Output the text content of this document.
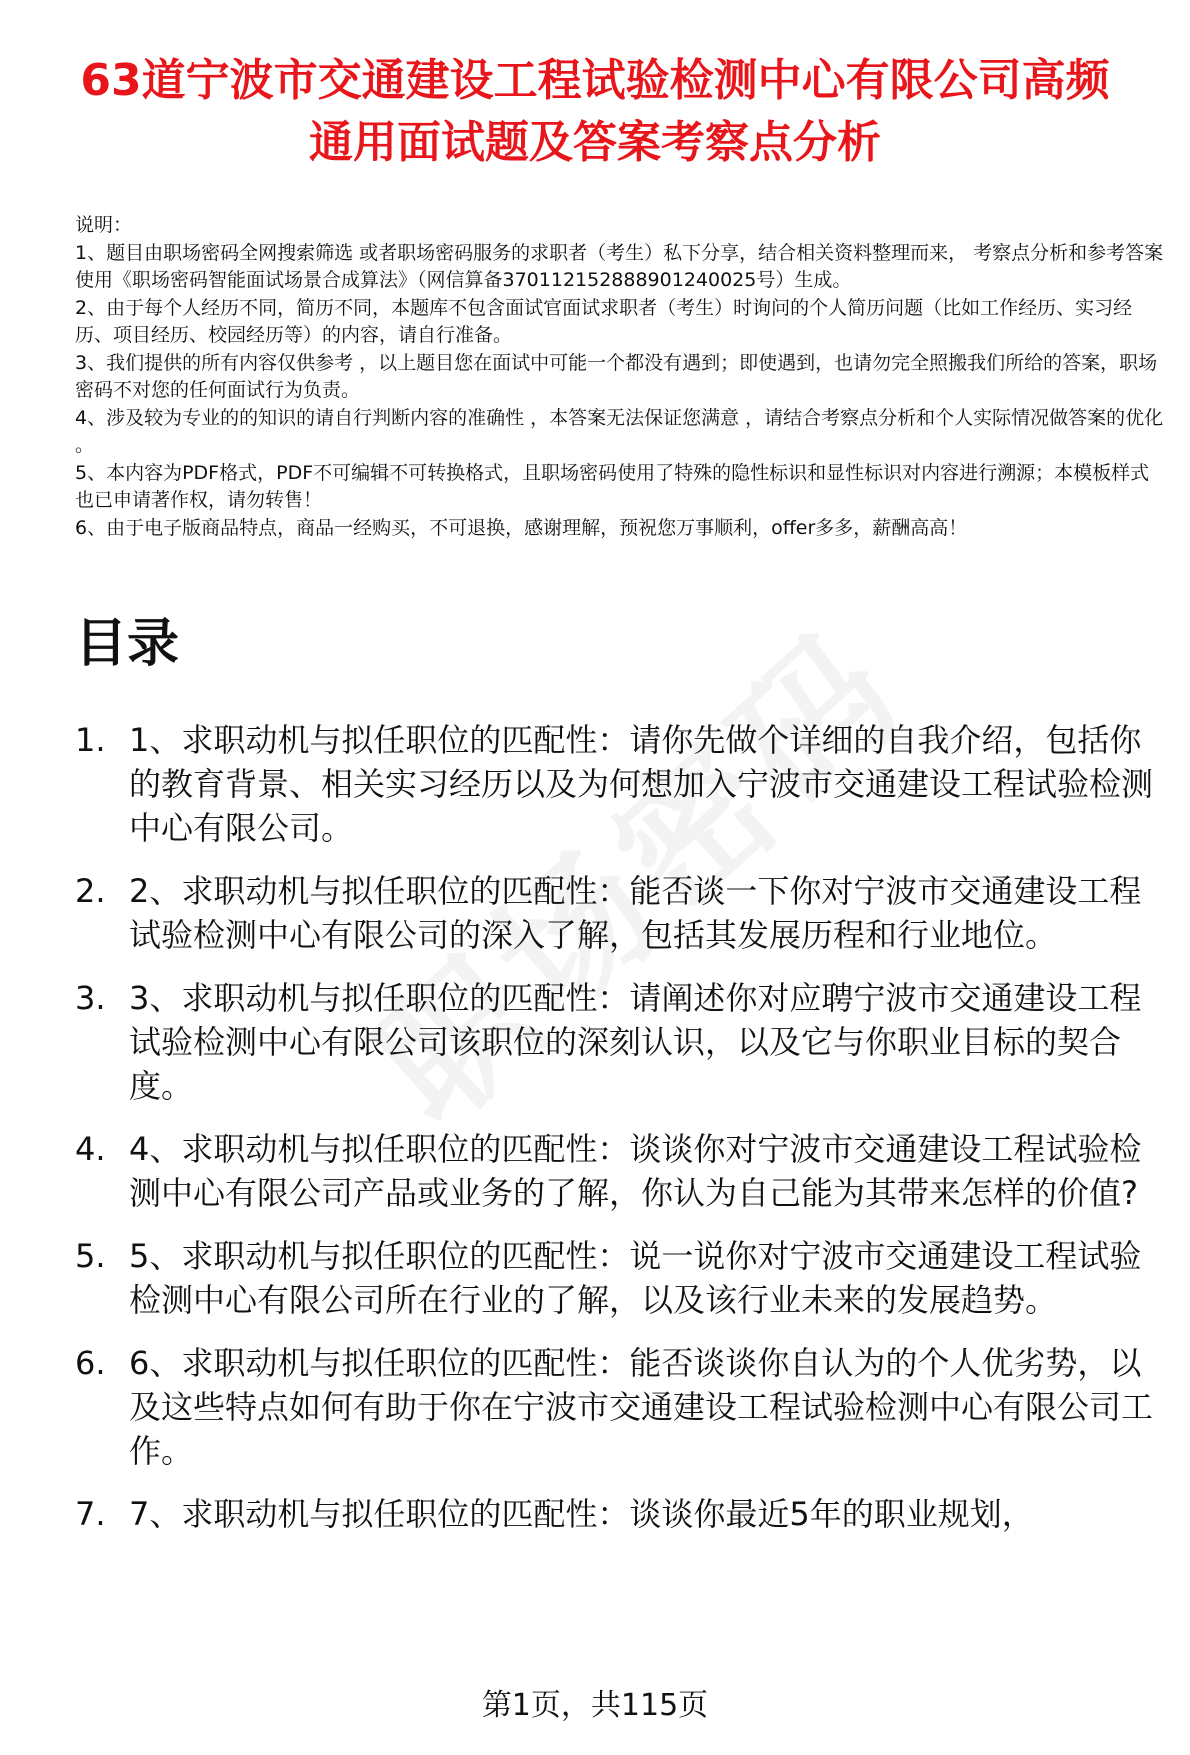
63道宁波市交通建设工程试验检测中心有限公司高频通用面试题及答案考察点分析

说明：

1、题目由职场密码全网搜索筛选 或者职场密码服务的求职者（考生）私下分享，结合相关资料整理而来， 考察点分析和参考答案使用《职场密码智能面试场景合成算法》（网信算备370112152888901240025号）生成。

2、由于每个人经历不同，简历不同，本题库不包含面试官面试求职者（考生）时询问的个人简历问题（比如工作经历、实习经历、项目经历、校园经历等）的内容，请自行准备。

3、我们提供的所有内容仅供参考 ，以上题目您在面试中可能一个都没有遇到；即使遇到，也请勿完全照搬我们所给的答案，职场密码不对您的任何面试行为负责。

4、涉及较为专业的的知识的请自行判断内容的准确性 ，本答案无法保证您满意 ，请结合考察点分析和个人实际情况做答案的优化 。

5、本内容为PDF格式，PDF不可编辑不可转换格式，且职场密码使用了特殊的隐性标识和显性标识对内容进行溯源；本模板样式也已申请著作权，请勿转售！

6、由于电子版商品特点，商品一经购买，不可退换，感谢理解，预祝您万事顺利，offer多多，薪酬高高！

目录
1. 1、求职动机与拟任职位的匹配性：请你先做个详细的自我介绍，包括你的教育背景、相关实习经历以及为何想加入宁波市交通建设工程试验检测中心有限公司。
2. 2、求职动机与拟任职位的匹配性：能否谈一下你对宁波市交通建设工程试验检测中心有限公司的深入了解，包括其发展历程和行业地位。
3. 3、求职动机与拟任职位的匹配性：请阐述你对应聘宁波市交通建设工程试验检测中心有限公司该职位的深刻认识，以及它与你职业目标的契合度。
4. 4、求职动机与拟任职位的匹配性：谈谈你对宁波市交通建设工程试验检测中心有限公司产品或业务的了解，你认为自己能为其带来怎样的价值?
5. 5、求职动机与拟任职位的匹配性：说一说你对宁波市交通建设工程试验检测中心有限公司所在行业的了解，以及该行业未来的发展趋势。
6. 6、求职动机与拟任职位的匹配性：能否谈谈你自认为的个人优劣势，以及这些特点如何有助于你在宁波市交通建设工程试验检测中心有限公司工作。
7. 7、求职动机与拟任职位的匹配性：谈谈你最近5年的职业规划，
第1页，共115页
